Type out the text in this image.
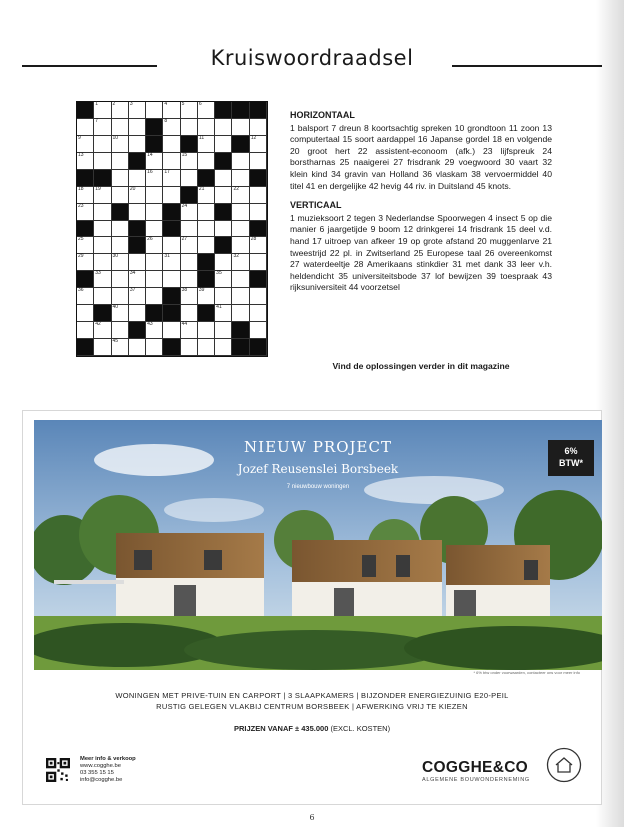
Kruiswoordraadsel
1	2	3	4	5	6
7	8
9	10	11	12
13	14	15
16 17
18 19	20	21	22
23	24
25	26	27	28
29	30	31	32
33	34	35
36	37	38 39
40	41
42	43	44
45
HORIZONTAAL
1 balsport 7 dreun 8 koortsachtig spreken 10 grondtoon 11 zoon 13 computertaal 15 soort aardappel 16 Japanse gordel 18 en volgende 20 groot hert 22 assistent-econoom (afk.) 23 lijfspreuk 24 borstharnas 25 naaigerei 27 frisdrank 29 voegwoord 30 vaart 32 klein kind 34 gravin van Holland 36 vlaskam 38 vervoermiddel 40 titel 41 en dergelijke 42 hevig 44 riv. in Duitsland 45 knots.
VERTICAAL
1 muzieksoort 2 tegen 3 Nederlandse Spoorwegen 4 insect 5 op die manier 6 jaargetijde 9 boom 12 drinkgerei 14 frisdrank 15 deel v.d. hand 17 uitroep van afkeer 19 op grote afstand 20 muggenlarve 21 tweestrijd 22 pl. in Zwitserland 25 Europese taal 26 overeenkomst 27 waterdeeltje 28 Amerikaans stinkdier 31 met dank 33 leer v.h. heldendicht 35 universiteitsbode 37 lof bewijzen 39 toespraak 43 rijksuniversiteit 44 voorzetsel
Vind de oplossingen verder in dit magazine
NIEUW PROJECT
Jozef Reusenslei Borsbeek
7 nieuwbouw woningen
6%
BTW*
* 6% btw onder voorwaarden, contacteer ons voor meer info
WONINGEN MET PRIVE-TUIN EN CARPORT | 3 SLAAPKAMERS | BIJZONDER ENERGIEZUINIG E20-PEIL
RUSTIG GELEGEN VLAKBIJ CENTRUM BORSBEEK | AFWERKING VRIJ TE KIEZEN
PRIJZEN VANAF ± 435.000 (EXCL. KOSTEN)
Meer info & verkoop
www.cogghe.be
03 355 15 15
info@cogghe.be
COGGHE&CO
ALGEMENE BOUWONDERNEMING
6
